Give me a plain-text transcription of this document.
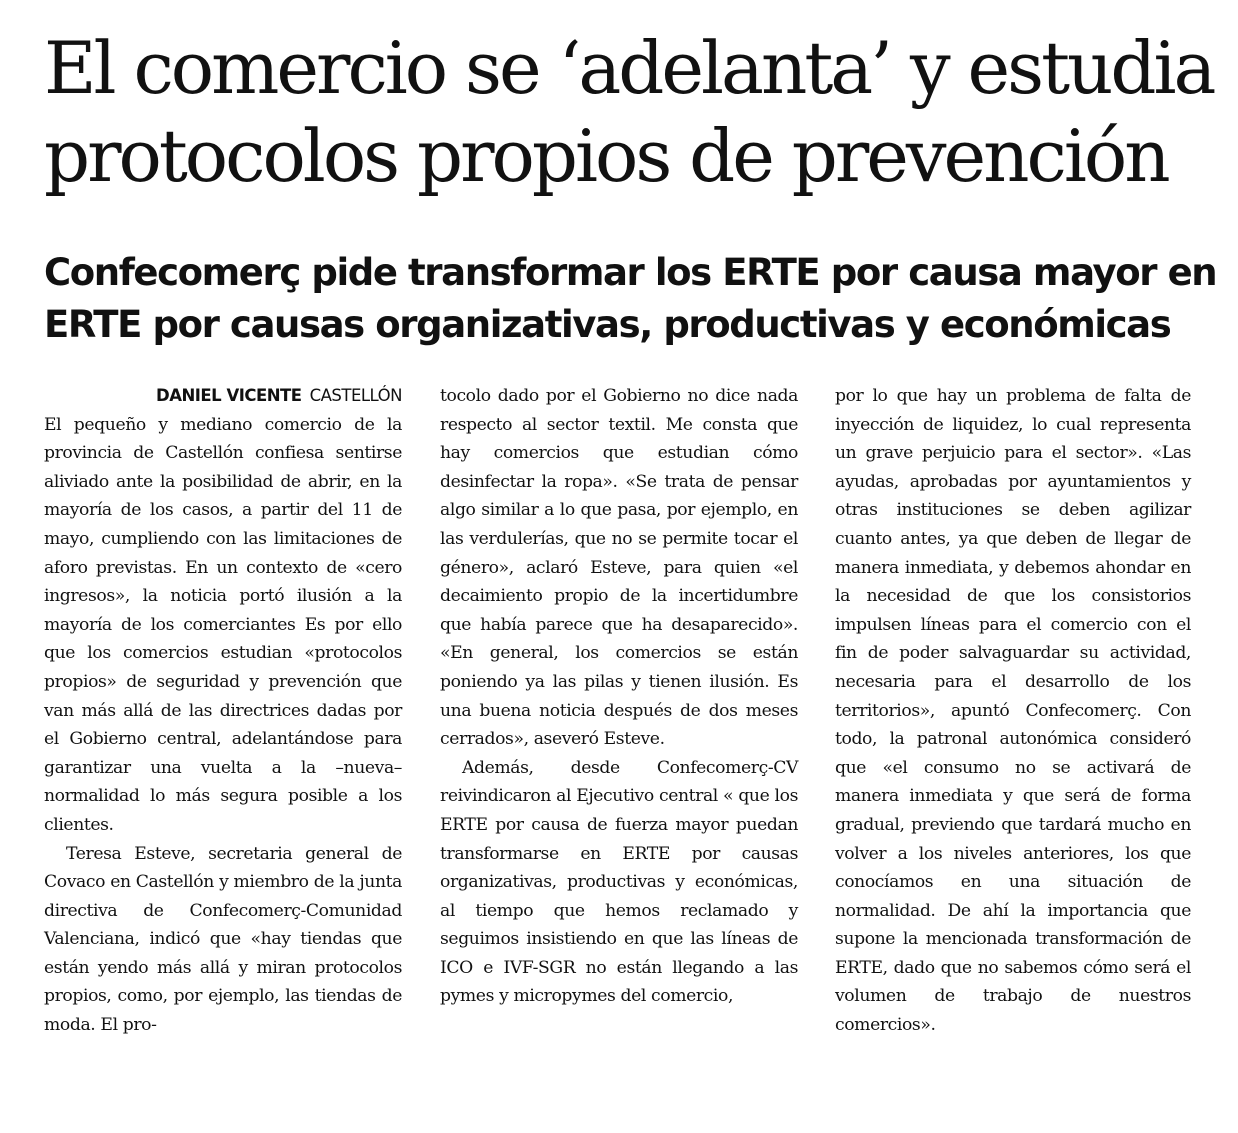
El comercio se ‘adelanta’ y estudia
protocolos propios de prevención
Confecomerç pide transformar los ERTE por causa mayor en
ERTE por causas organizativas, productivas y económicas
DANIEL VICENTE CASTELLÓN

El pequeño y mediano comercio de la provincia de Castellón confiesa sentirse aliviado ante la posibilidad de abrir, en la mayoría de los casos, a partir del 11 de mayo, cumpliendo con las limitaciones de aforo previstas. En un contexto de «cero ingresos», la noticia portó ilusión a la mayoría de los comerciantes Es por ello que los comercios estudian «protocolos propios» de seguridad y prevención que van más allá de las directrices dadas por el Gobierno central, adelantándose para garantizar una vuelta a la –nueva– normalidad lo más segura posible a los clientes.

Teresa Esteve, secretaria general de Covaco en Castellón y miembro de la junta directiva de Confecomerç-Comunidad Valenciana, indicó que «hay tiendas que están yendo más allá y miran protocolos propios, como, por ejemplo, las tiendas de moda. El pro-

tocolo dado por el Gobierno no dice nada respecto al sector textil. Me consta que hay comercios que estudian cómo desinfectar la ropa». «Se trata de pensar algo similar a lo que pasa, por ejemplo, en las verdulerías, que no se permite tocar el género», aclaró Esteve, para quien «el decaimiento propio de la incertidumbre que había parece que ha desaparecido». «En general, los comercios se están poniendo ya las pilas y tienen ilusión. Es una buena noticia después de dos meses cerrados», aseveró Esteve.

Además, desde Confecomerç-CV reivindicaron al Ejecutivo central « que los ERTE por causa de fuerza mayor puedan transformarse en ERTE por causas organizativas, productivas y económicas, al tiempo que hemos reclamado y seguimos insistiendo en que las líneas de ICO e IVF-SGR no están llegando a las pymes y micropymes del comercio,

por lo que hay un problema de falta de inyección de liquidez, lo cual representa un grave perjuicio para el sector». «Las ayudas, aprobadas por ayuntamientos y otras instituciones se deben agilizar cuanto antes, ya que deben de llegar de manera inmediata, y debemos ahondar en la necesidad de que los consistorios impulsen líneas para el comercio con el fin de poder salvaguardar su actividad, necesaria para el desarrollo de los territorios», apuntó Confecomerç. Con todo, la patronal autonómica consideró que «el consumo no se activará de manera inmediata y que será de forma gradual, previendo que tardará mucho en volver a los niveles anteriores, los que conocíamos en una situación de normalidad. De ahí la importancia que supone la mencionada transformación de ERTE, dado que no sabemos cómo será el volumen de trabajo de nuestros comercios».
